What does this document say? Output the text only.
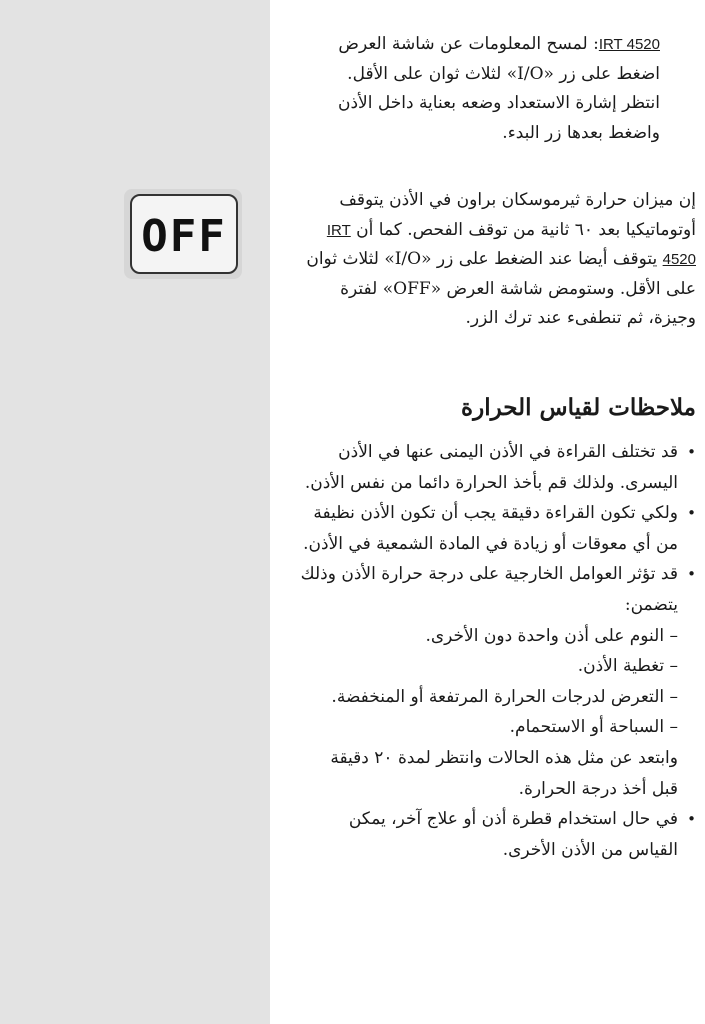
OFF

IRT 4520: لمسح المعلومات عن شاشة العرض اضغط على زر «I/O» لثلاث ثوان على الأقل.
انتظر إشارة الاستعداد وضعه بعناية داخل الأذن واضغط بعدها زر البدء.

إن ميزان حرارة ثيرموسكان براون في الأذن يتوقف أوتوماتيكيا بعد ٦٠ ثانية من توقف الفحص. كما أن IRT 4520 يتوقف أيضا عند الضغط على زر «I/O» لثلاث ثوان على الأقل. وستومض شاشة العرض «OFF» لفترة وجيزة، ثم تنطفىء عند ترك الزر.

ملاحظات لقياس الحرارة
• قد تختلف القراءة في الأذن اليمنى عنها في الأذن اليسرى. ولذلك قم بأخذ الحرارة دائما من نفس الأذن.
• ولكي تكون القراءة دقيقة يجب أن تكون الأذن نظيفة من أي معوقات أو زيادة في المادة الشمعية في الأذن.
• قد تؤثر العوامل الخارجية على درجة حرارة الأذن وذلك يتضمن:
– النوم على أذن واحدة دون الأخرى.
– تغطية الأذن.
– التعرض لدرجات الحرارة المرتفعة أو المنخفضة.
– السباحة أو الاستحمام.
وابتعد عن مثل هذه الحالات وانتظر لمدة ٢٠ دقيقة قبل أخذ درجة الحرارة.
• في حال استخدام قطرة أذن أو علاج آخر، يمكن القياس من الأذن الأخرى.
